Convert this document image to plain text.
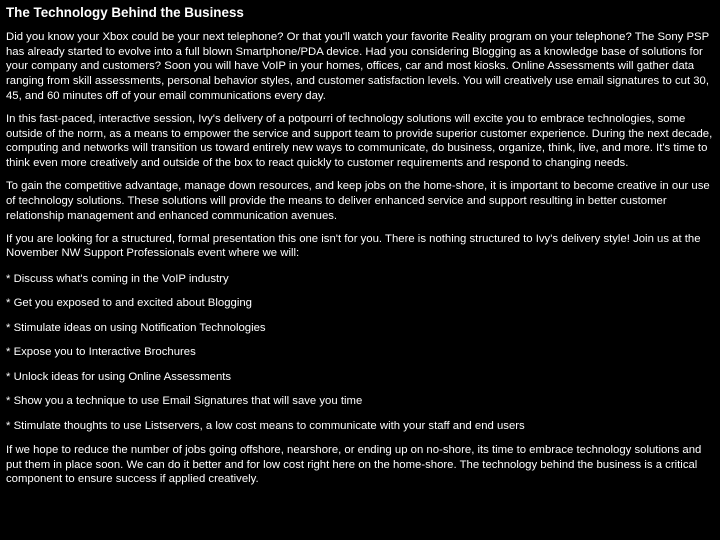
The Technology Behind the Business
Did you know your Xbox could be your next telephone? Or that you'll watch your favorite Reality program on your telephone? The Sony PSP has already started to evolve into a full blown Smartphone/PDA device. Had you considering Blogging as a knowledge base of solutions for your company and customers? Soon you will have VoIP in your homes, offices, car and most kiosks. Online Assessments will gather data ranging from skill assessments, personal behavior styles, and customer satisfaction levels. You will creatively use email signatures to cut 30, 45, and 60 minutes off of your email communications every day.
In this fast-paced, interactive session, Ivy's delivery of a potpourri of technology solutions will excite you to embrace technologies, some outside of the norm, as a means to empower the service and support team to provide superior customer experience. During the next decade, computing and networks will transition us toward entirely new ways to communicate, do business, organize, think, live, and more. It's time to think even more creatively and outside of the box to react quickly to customer requirements and respond to changing needs.
To gain the competitive advantage, manage down resources, and keep jobs on the home-shore, it is important to become creative in our use of technology solutions. These solutions will provide the means to deliver enhanced service and support resulting in better customer relationship management and enhanced communication avenues.
If you are looking for a structured, formal presentation this one isn't for you. There is nothing structured to Ivy's delivery style! Join us at the November NW Support Professionals event where we will:
* Discuss what's coming in the VoIP industry
* Get you exposed to and excited about Blogging
* Stimulate ideas on using Notification Technologies
* Expose you to Interactive Brochures
* Unlock ideas for using Online Assessments
* Show you a technique to use Email Signatures that will save you time
* Stimulate thoughts to use Listservers, a low cost means to communicate with your staff and end users
If we hope to reduce the number of jobs going offshore, nearshore, or ending up on no-shore, its time to embrace technology solutions and put them in place soon. We can do it better and for low cost right here on the home-shore. The technology behind the business is a critical component to ensure success if applied creatively.
